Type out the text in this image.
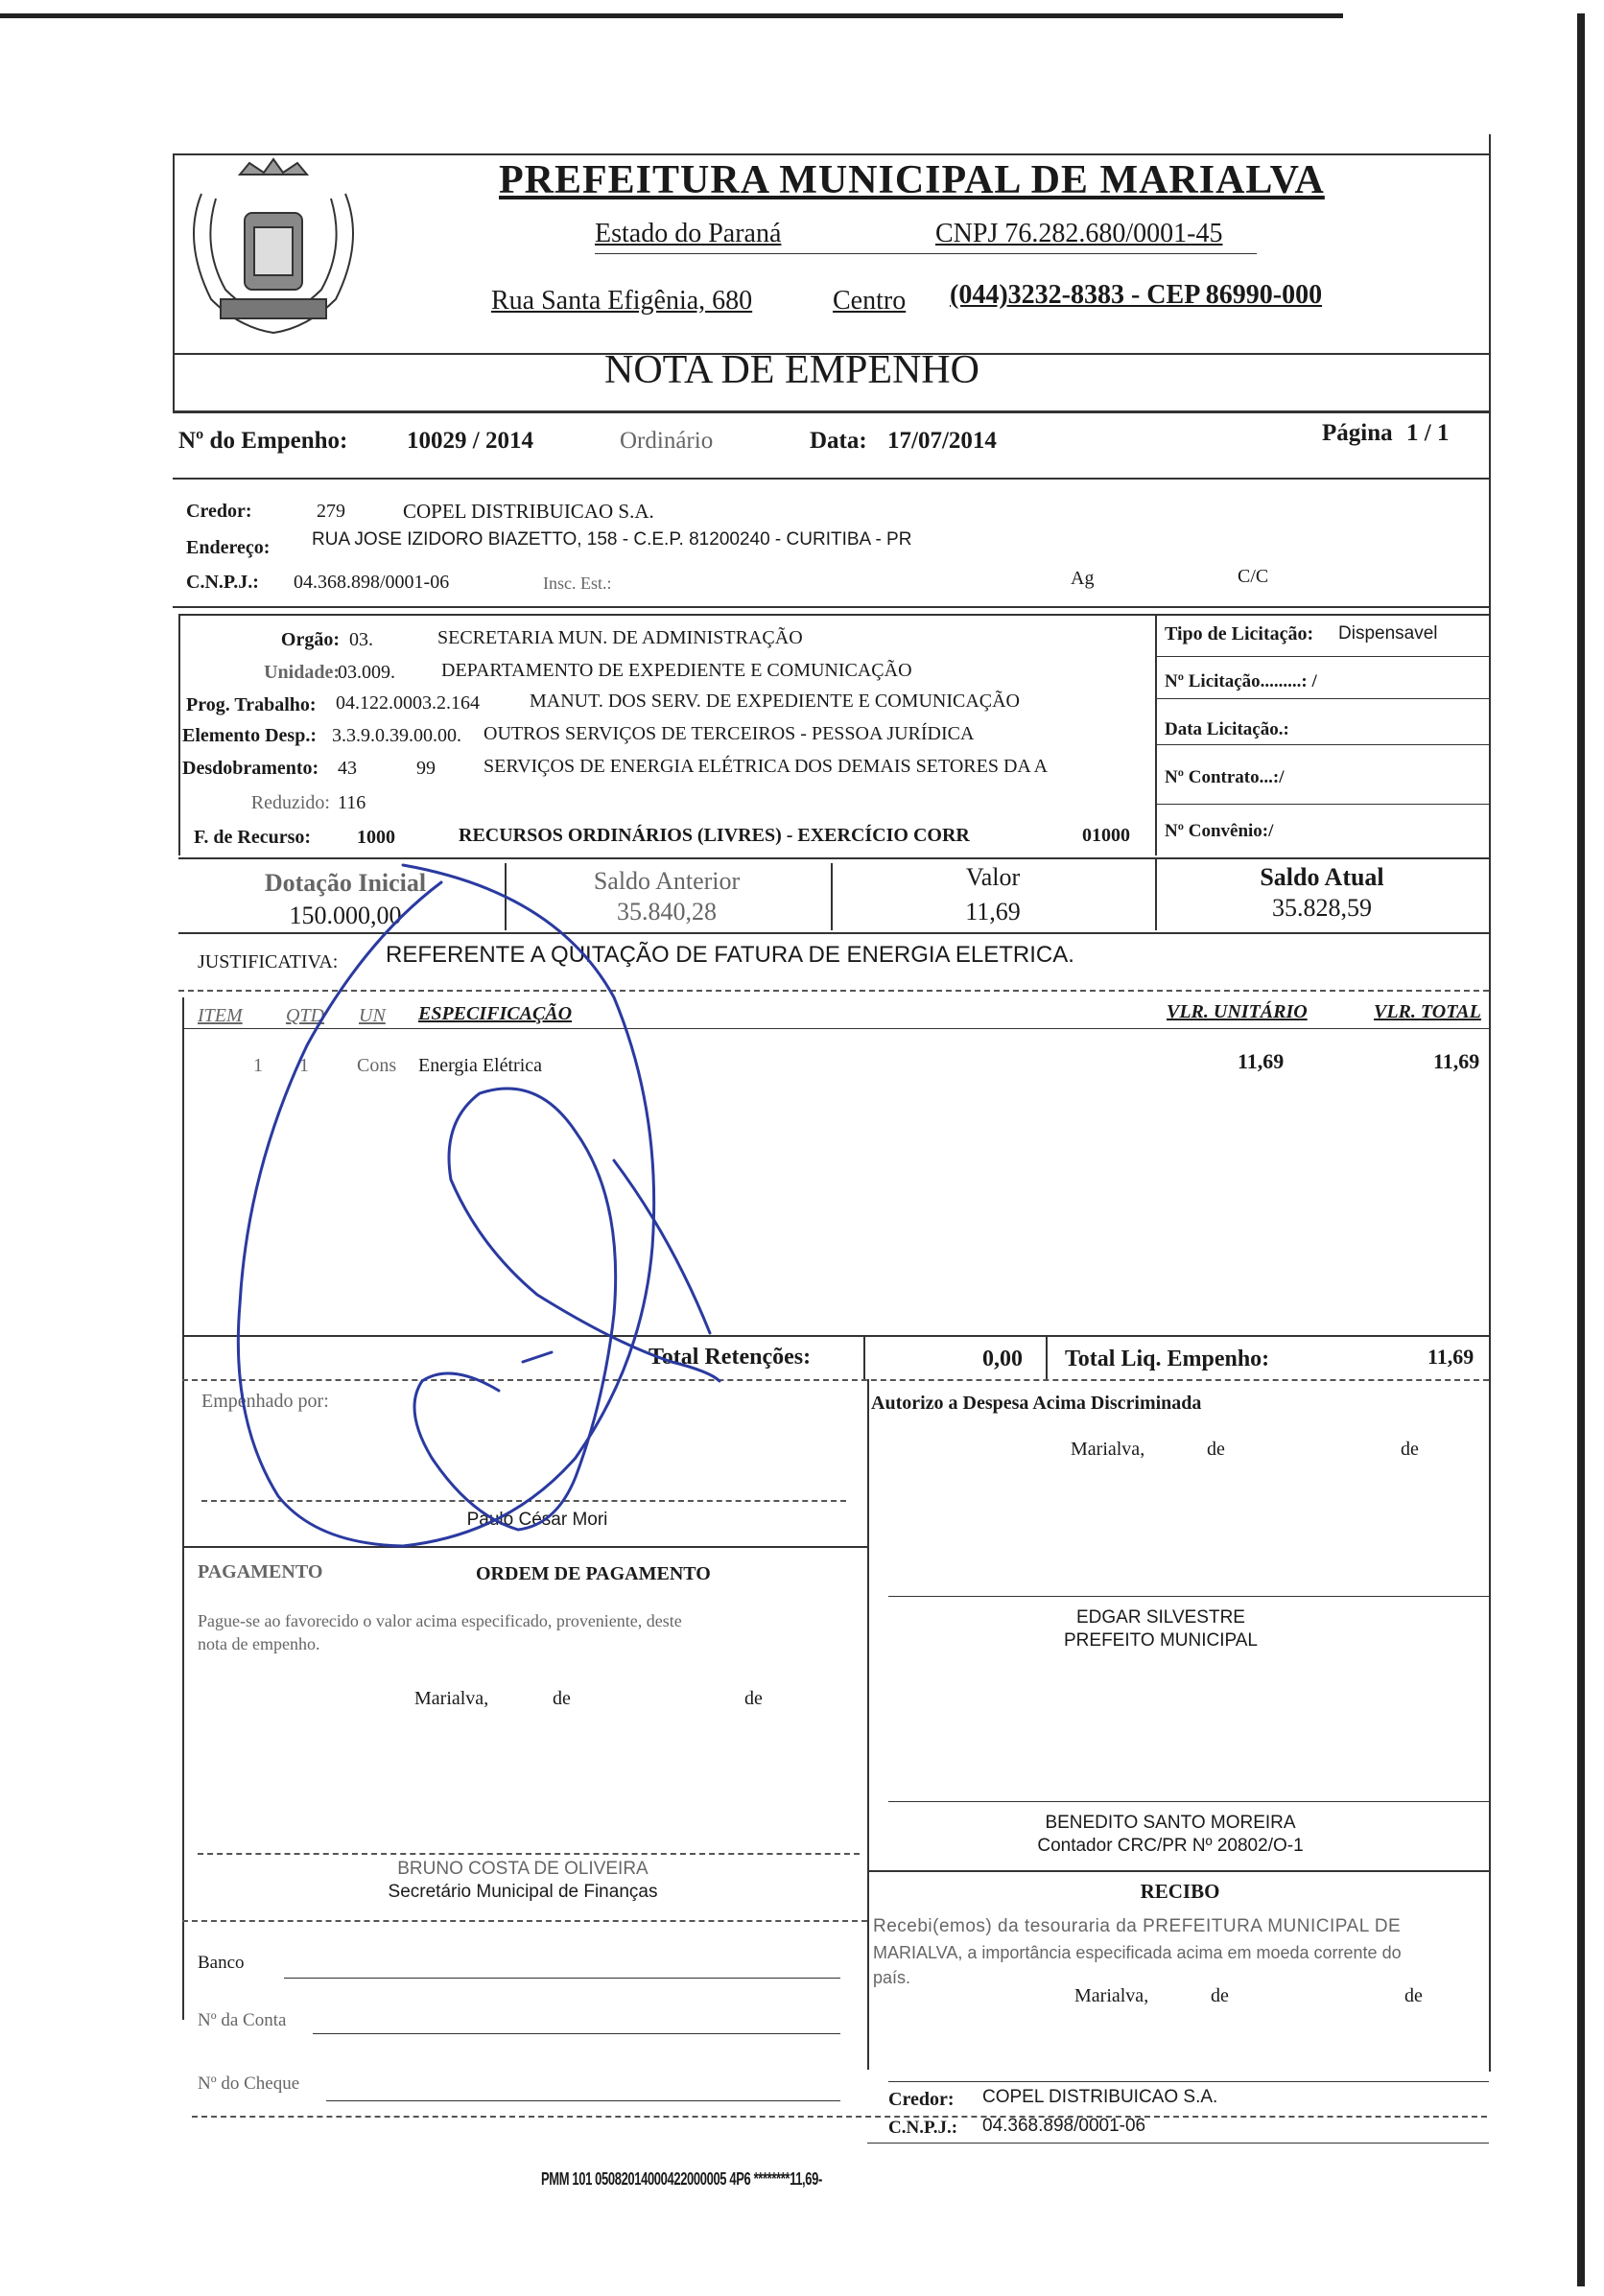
PREFEITURA MUNICIPAL DE MARIALVA
Estado do Paraná	CNPJ 76.282.680/0001-45
Rua Santa Efigênia, 680	Centro (044)3232-8383 - CEP 86990-000
NOTA DE EMPENHO
Nº do Empenho: 10029 / 2014	Ordinário	Data: 17/07/2014	Página 1 / 1
Credor:	279	COPEL DISTRIBUICAO S.A.
Endereço: RUA JOSE IZIDORO BIAZETTO, 158 - C.E.P. 81200240 - CURITIBA - PR
C.N.P.J.: 04.368.898/0001-06	Insc. Est.:	Ag	C/C
Orgão: 03.	SECRETARIA MUN. DE ADMINISTRAÇÃO
Unidade:
03.009. DEPARTAMENTO DE EXPEDIENTE E COMUNICAÇÃO
Prog. Trabalho: 04.122.0003.2.164	MANUT. DOS SERV. DE EXPEDIENTE E COMUNICAÇÃO
Elemento Desp.: 3.3.9.0.39.00.00. OUTROS SERVIÇOS DE TERCEIROS - PESSOA JURÍDICA
Desdobramento: 43	99	SERVIÇOS DE ENERGIA ELÉTRICA DOS DEMAIS SETORES DA A
Reduzido: 116
F. de Recurso: 1000	RECURSOS ORDINÁRIOS (LIVRES) - EXERCÍCIO CORR	01000
Tipo de Licitação: Dispensavel
Nº Licitação.........: /
Data Licitação.:
Nº Contrato...:/
Nº Convênio:/
Dotação Inicial
150.000,00
Saldo Anterior
35.840,28
Valor
11,69
Saldo Atual
35.828,59
JUSTIFICATIVA: REFERENTE A QUITAÇÃO DE FATURA DE ENERGIA ELETRICA.
ITEM QTD UN ESPECIFICAÇÃO	VLR. UNITÁRIO	VLR. TOTAL
1 1	Cons Energia Elétrica	11,69	11,69
Total Retenções:	0,00 Total Liq. Empenho:	11,69
Empenhado por:
Paulo César Mori
PAGAMENTO	ORDEM DE PAGAMENTO
Pague-se ao favorecido o valor acima especificado, proveniente, deste
nota de empenho.
Marialva,	de	de
BRUNO COSTA DE OLIVEIRA
Secretário Municipal de Finanças
Banco
Nº da Conta
Nº do Cheque
Autorizo a Despesa Acima Discriminada
Marialva,	de	de
EDGAR SILVESTRE
PREFEITO MUNICIPAL
BENEDITO SANTO MOREIRA
Contador CRC/PR Nº 20802/O-1
RECIBO
Recebi(emos) da tesouraria da PREFEITURA MUNICIPAL DE
MARIALVA, a importância especificada acima em moeda corrente do
país.
Marialva,	de	de
Credor: COPEL DISTRIBUICAO S.A.
C.N.P.J.: 04.368.898/0001-06
PMM 101 05082014000422000005 4P6 ********11,69-
